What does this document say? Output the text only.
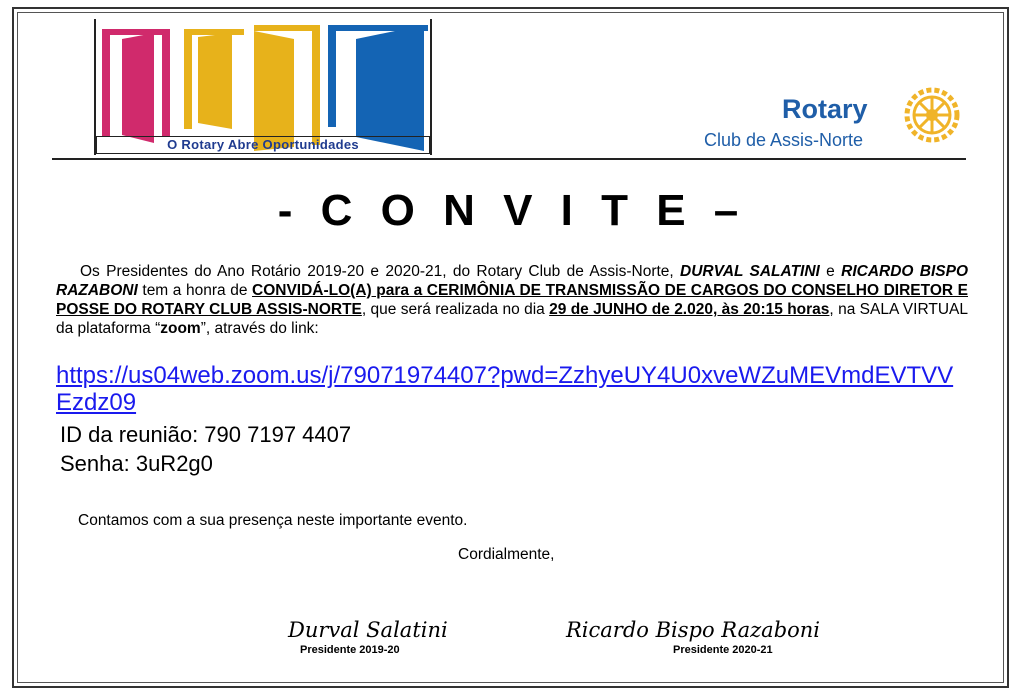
O Rotary Abre Oportunidades
Rotary
Club de Assis-Norte
- C O N V I T E –

Os Presidentes do Ano Rotário 2019-20 e 2020-21, do Rotary Club de Assis-Norte, DURVAL SALATINI e RICARDO BISPO RAZABONI tem a honra de CONVIDÁ-LO(A) para a CERIMÔNIA DE TRANSMISSÃO DE CARGOS DO CONSELHO DIRETOR E POSSE DO ROTARY CLUB ASSIS-NORTE, que será realizada no dia 29 de JUNHO de 2.020, às 20:15 horas, na SALA VIRTUAL da plataforma “zoom”, através do link:

https://us04web.zoom.us/j/79071974407?pwd=ZzhyeUY4U0xveWZuMEVmdEVTVVEzdz09
ID da reunião: 790 7197 4407
Senha: 3uR2g0
Contamos com a sua presença neste importante evento.
Cordialmente,
Durval Salatini
Presidente 2019-20
Ricardo Bispo Razaboni
Presidente 2020-21
